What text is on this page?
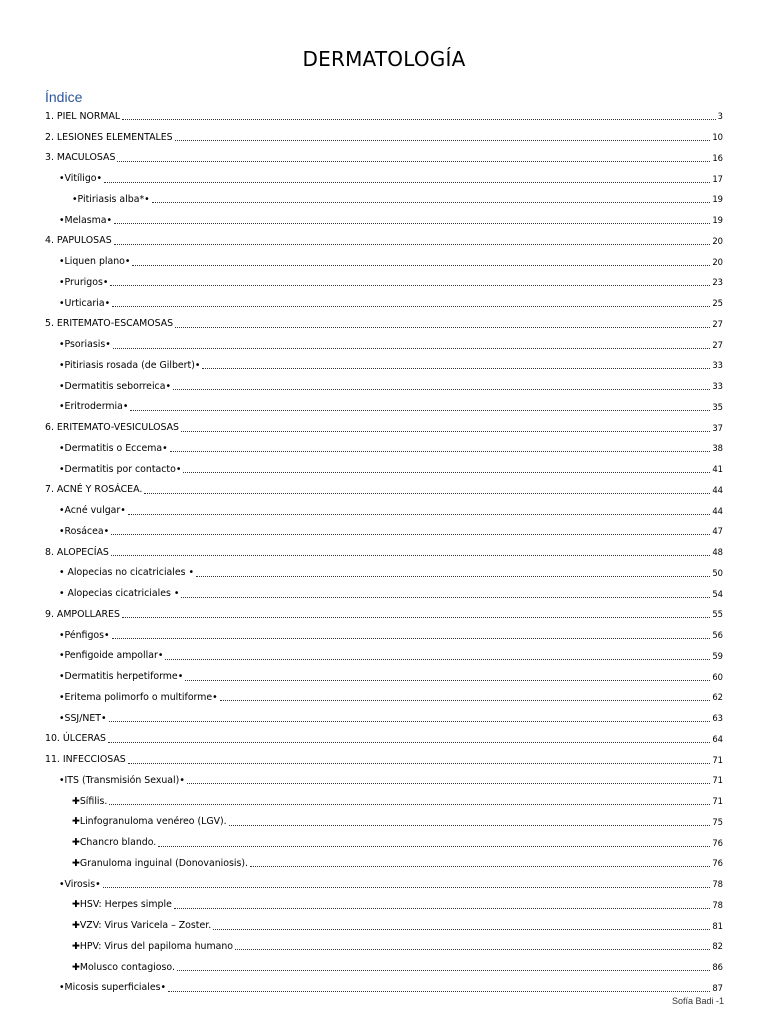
DERMATOLOGÍA
Índice
1. PIEL NORMAL	3
2. LESIONES ELEMENTALES	10
3. MACULOSAS	16
•Vitíligo•	17
•Pitiriasis alba*•	19
•Melasma•	19
4. PAPULOSAS	20
•Liquen plano•	20
•Prurigos•	23
•Urticaria•	25
5. ERITEMATO-ESCAMOSAS	27
•Psoriasis•	27
•Pitiriasis rosada (de Gilbert)•	33
•Dermatitis seborreica•	33
•Eritrodermia•	35
6. ERITEMATO-VESICULOSAS	37
•Dermatitis o Eccema•	38
•Dermatitis por contacto•	41
7. ACNÉ Y ROSÁCEA.	44
•Acné vulgar•	44
•Rosácea•	47
8. ALOPECÍAS	48
• Alopecias no cicatriciales •	50
• Alopecias cicatriciales •	54
9. AMPOLLARES	55
•Pénfigos•	56
•Penfigoide ampollar•	59
•Dermatitis herpetiforme•	60
•Eritema polimorfo o multiforme•	62
•SSJ/NET•	63
10. ÚLCERAS	64
11. INFECCIOSAS	71
•ITS (Transmisión Sexual)•	71
✚Sífilis.	71
✚Linfogranuloma venéreo (LGV).	75
✚Chancro blando.	76
✚Granuloma inguinal (Donovaniosis).	76
•Virosis•	78
✚HSV: Herpes simple	78
✚VZV: Virus Varicela – Zoster.	81
✚HPV: Virus del papiloma humano	82
✚Molusco contagioso.	86
•Micosis superficiales•	87
Sofía Badi -1
